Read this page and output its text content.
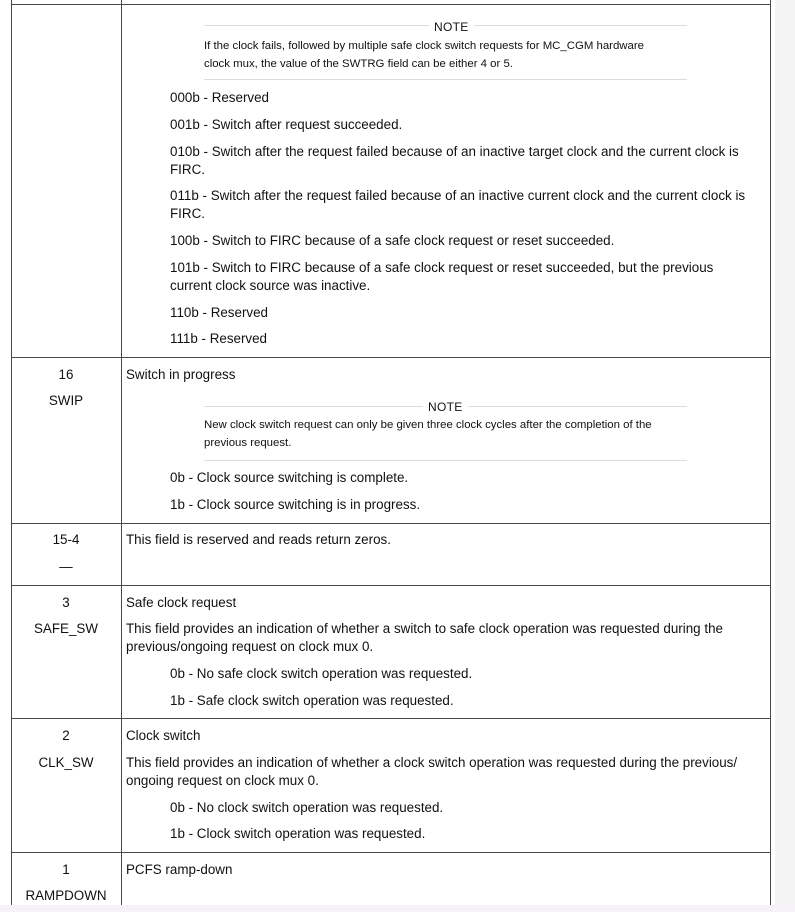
NOTE
If the clock fails, followed by multiple safe clock switch requests for MC_CGM hardware
clock mux, the value of the SWTRG field can be either 4 or 5.
000b - Reserved
001b - Switch after request succeeded.
010b - Switch after the request failed because of an inactive target clock and the current clock is
FIRC.
011b - Switch after the request failed because of an inactive current clock and the current clock is
FIRC.
100b - Switch to FIRC because of a safe clock request or reset succeeded.
101b - Switch to FIRC because of a safe clock request or reset succeeded, but the previous
current clock source was inactive.
110b - Reserved
111b - Reserved
16
SWIP
Switch in progress
NOTE
New clock switch request can only be given three clock cycles after the completion of the
previous request.
0b - Clock source switching is complete.
1b - Clock source switching is in progress.
15-4
—
This field is reserved and reads return zeros.
3
SAFE_SW
Safe clock request
This field provides an indication of whether a switch to safe clock operation was requested during the
previous/ongoing request on clock mux 0.
0b - No safe clock switch operation was requested.
1b - Safe clock switch operation was requested.
2
CLK_SW
Clock switch
This field provides an indication of whether a clock switch operation was requested during the previous/
ongoing request on clock mux 0.
0b - No clock switch operation was requested.
1b - Clock switch operation was requested.
1
RAMPDOWN
PCFS ramp-down
